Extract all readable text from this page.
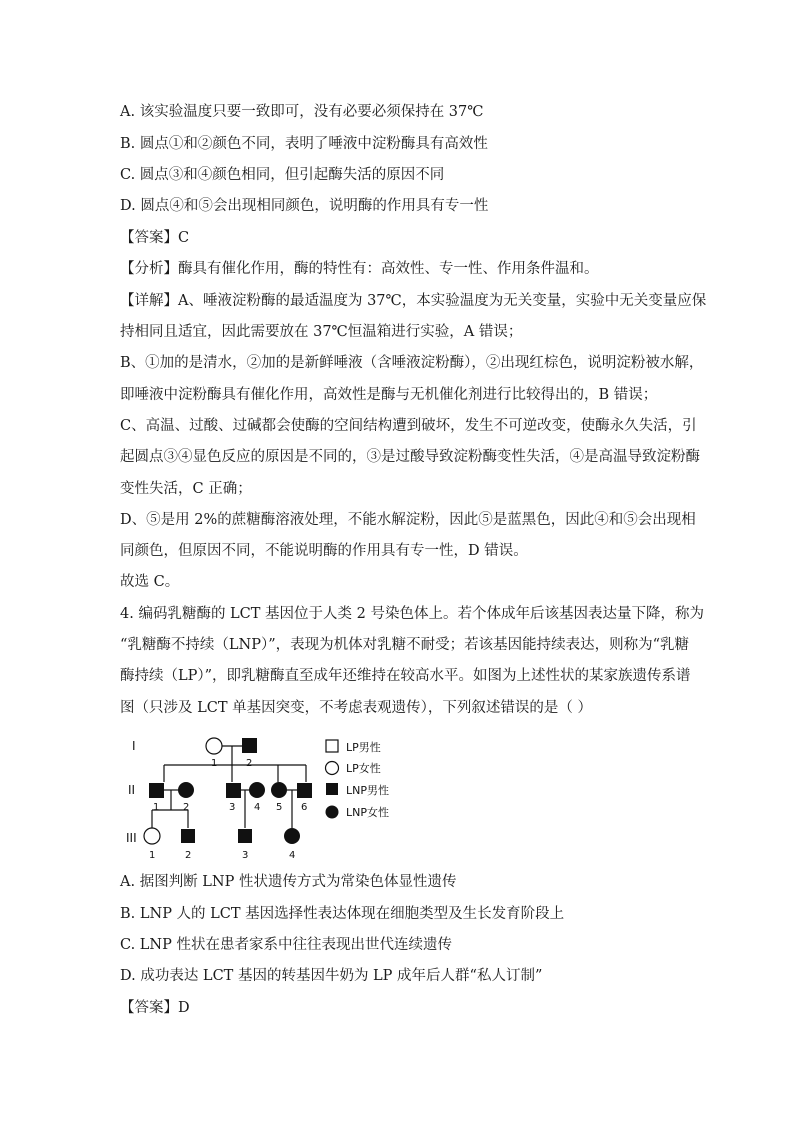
A. 该实验温度只要一致即可，没有必要必须保持在 37℃
B. 圆点①和②颜色不同，表明了唾液中淀粉酶具有高效性
C. 圆点③和④颜色相同，但引起酶失活的原因不同
D. 圆点④和⑤会出现相同颜色，说明酶的作用具有专一性
【答案】C
【分析】酶具有催化作用，酶的特性有：高效性、专一性、作用条件温和。
【详解】A、唾液淀粉酶的最适温度为 37℃，本实验温度为无关变量，实验中无关变量应保
持相同且适宜，因此需要放在 37℃恒温箱进行实验，A 错误；
B、①加的是清水，②加的是新鲜唾液（含唾液淀粉酶），②出现红棕色，说明淀粉被水解，
即唾液中淀粉酶具有催化作用，高效性是酶与无机催化剂进行比较得出的，B 错误；
C、高温、过酸、过碱都会使酶的空间结构遭到破坏，发生不可逆改变，使酶永久失活，引
起圆点③④显色反应的原因是不同的，③是过酸导致淀粉酶变性失活，④是高温导致淀粉酶
变性失活，C 正确；
D、⑤是用 2%的蔗糖酶溶液处理，不能水解淀粉，因此⑤是蓝黑色，因此④和⑤会出现相
同颜色，但原因不同，不能说明酶的作用具有专一性，D 错误。
故选 C。
4. 编码乳糖酶的 LCT 基因位于人类 2 号染色体上。若个体成年后该基因表达量下降，称为
“乳糖酶不持续（LNP）”，表现为机体对乳糖不耐受；若该基因能持续表达，则称为“乳糖
酶持续（LP）”，即乳糖酶直至成年还维持在较高水平。如图为上述性状的某家族遗传系谱
图（只涉及 LCT 单基因突变，不考虑表观遗传），下列叙述错误的是（ ）
I
II
III
1	2
1 2	3 4 5 6
1	2	3	4
LP男性
LP女性
LNP男性
LNP女性
A. 据图判断 LNP 性状遗传方式为常染色体显性遗传
B. LNP 人的 LCT 基因选择性表达体现在细胞类型及生长发育阶段上
C. LNP 性状在患者家系中往往表现出世代连续遗传
D. 成功表达 LCT 基因的转基因牛奶为 LP 成年后人群“私人订制”
【答案】D
